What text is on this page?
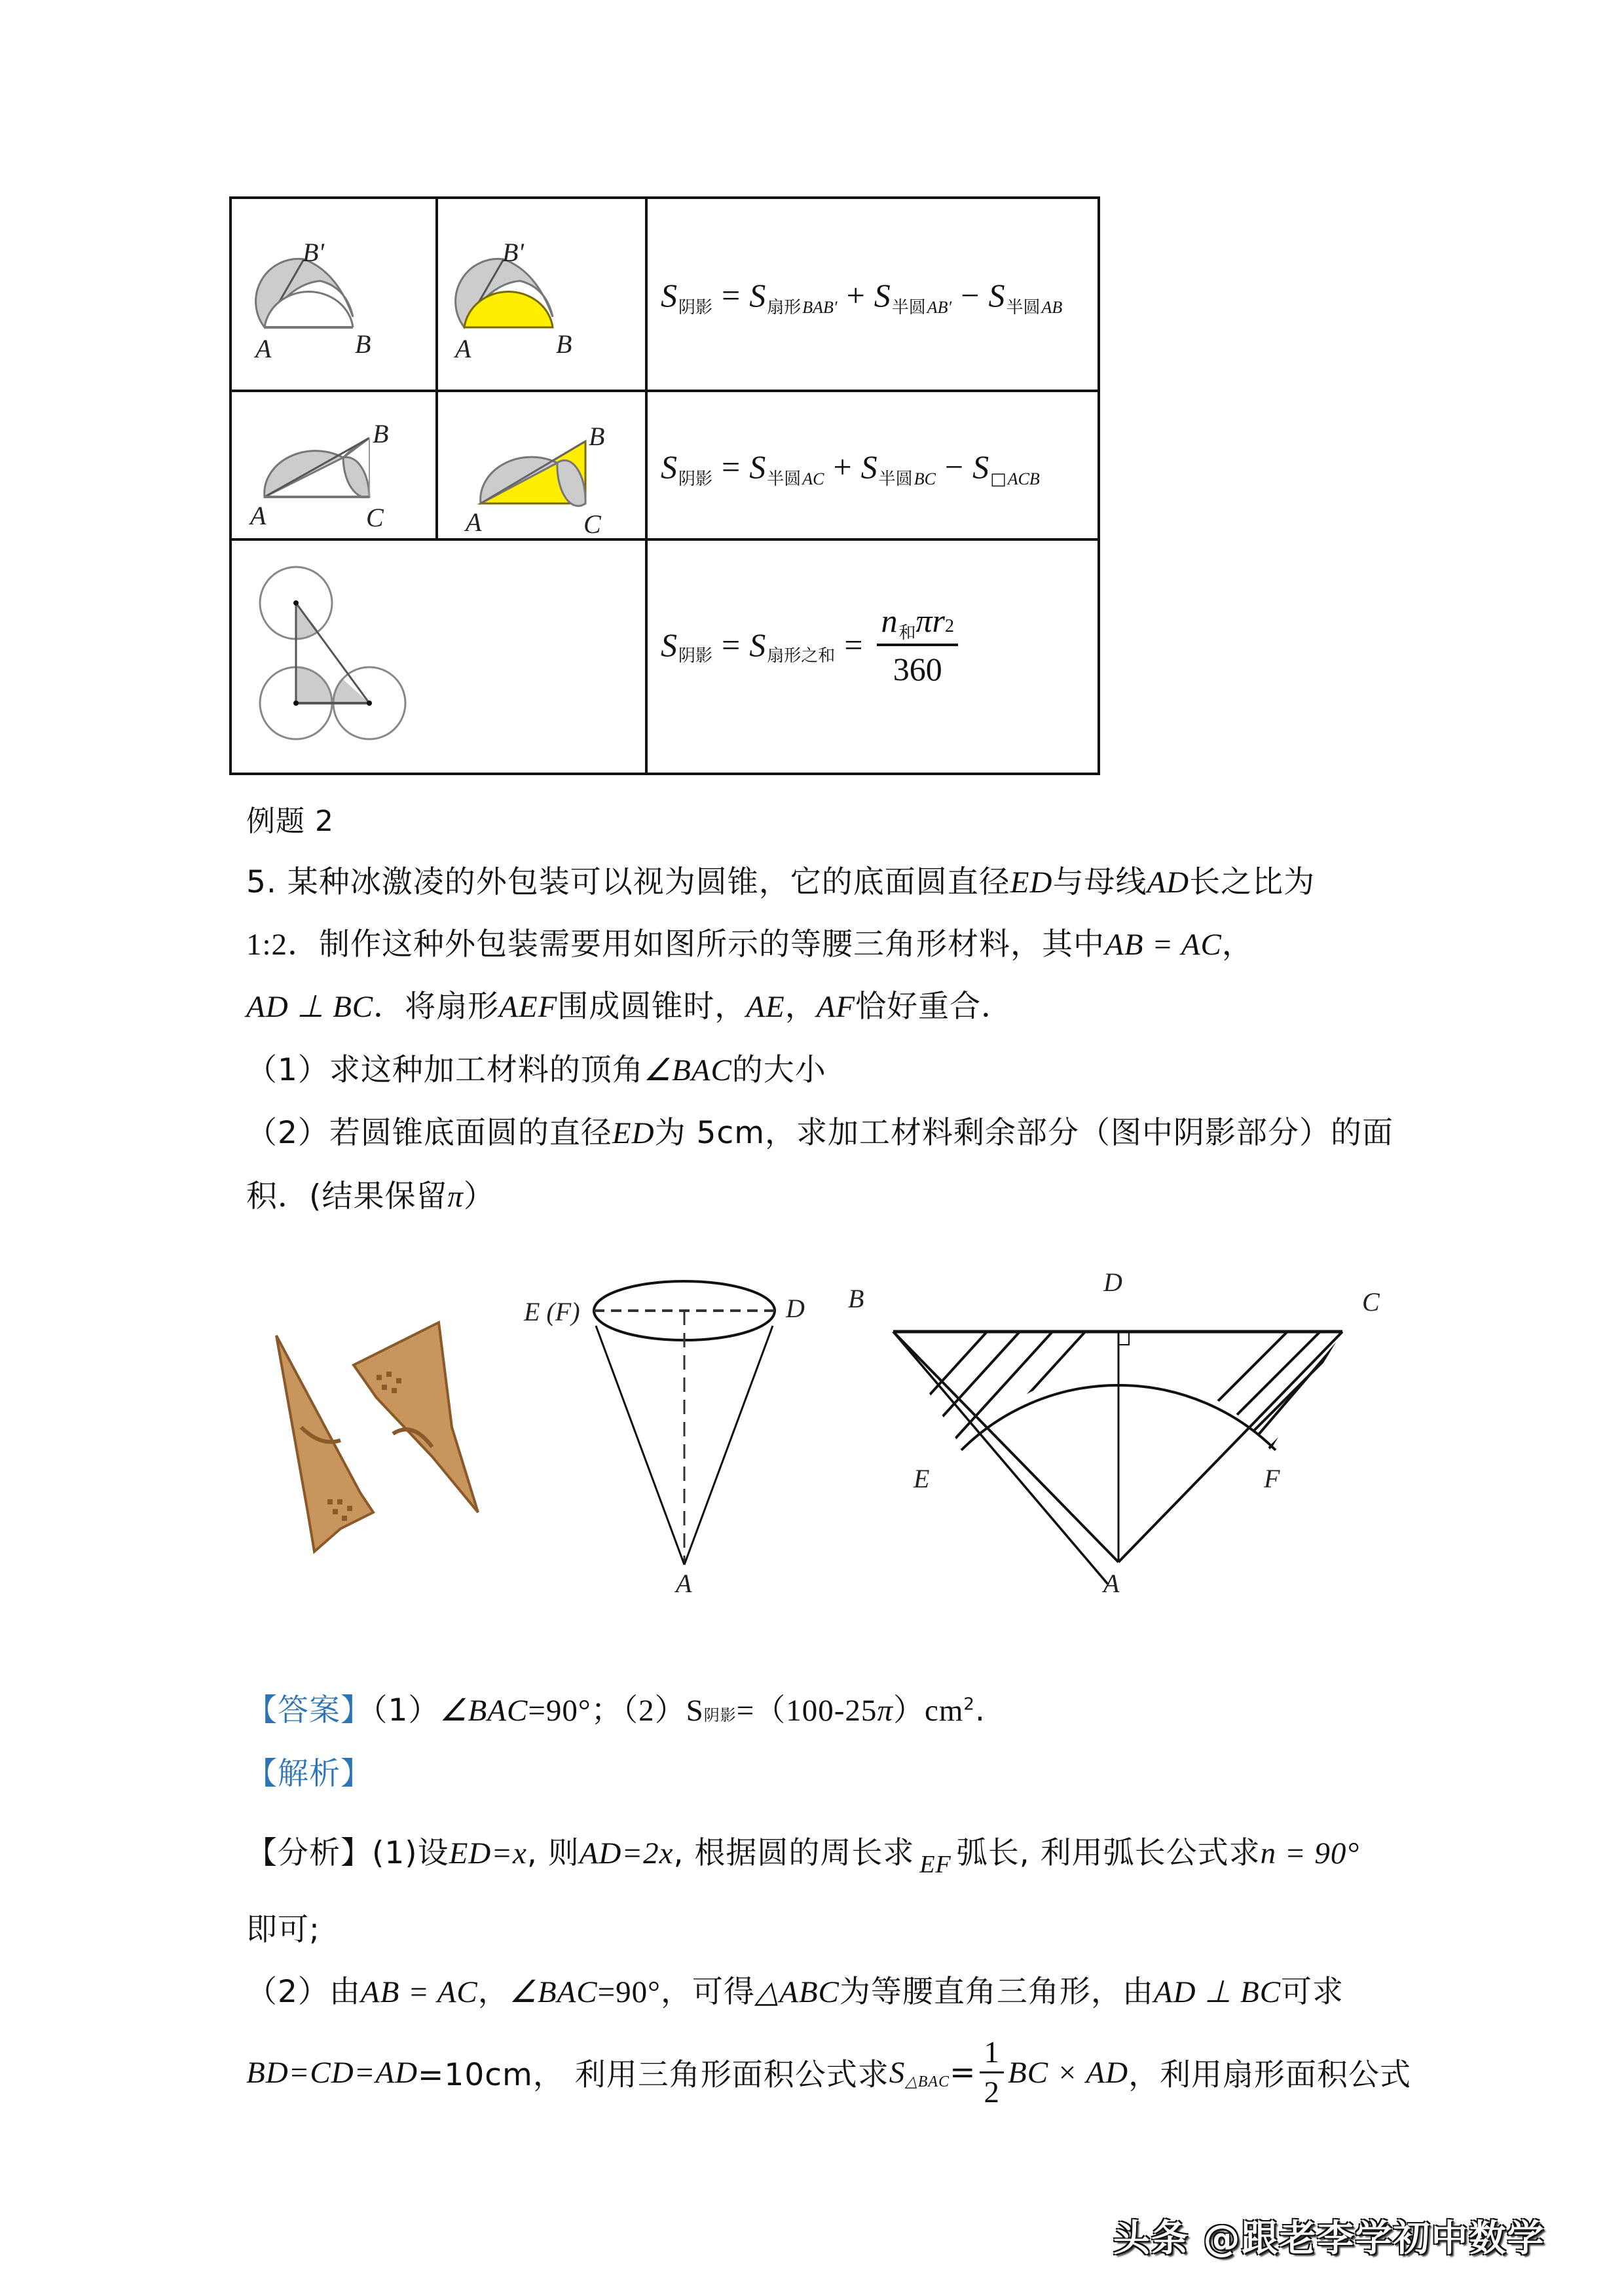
B'
A	B
B'
A	B
S 阴影 = S 扇形 BAB′ + S 半圆 AB′ − S 半圆 AB
B
A	C
B
A	C
S 阴影 = S 半圆 AC + S 半圆 BC − S □ ACB
S 阴影 = S 扇形之和 = $\frac{\text{n 和 π r 2}}{360}$
例题 2
5. 某种冰激凌的外包装可以视为圆锥，它的底面圆直径ED与母线AD长之比为
1:2．制作这种外包装需要用如图所示的等腰三角形材料，其中AB = AC，
AD ⊥ BC．将扇形AEF围成圆锥时，AE，AF恰好重合．
（1）求这种加工材料的顶角∠BAC的大小
（2）若圆锥底面圆的直径ED为 5cm，求加工材料剩余部分（图中阴影部分）的面
积．(结果保留π）
E (F)	D
A
B
D
C
E	F
A
【答案】（1）∠BAC=90°；（2）S阴影$=(100-25\pi)cm^2$.
【解析】
【分析】(1)设ED=x, 则AD=2x, 根据圆的周长求 $_{EF}$ 弧长, 利用弧长公式求n = 90°
即可;
（2）由AB = AC，∠BAC=90°，可得△ABC为等腰直角三角形，由AD ⊥ BC可求
BD=CD=AD =10cm， 利用三角形面积公式求 S △BAC = $\frac{1}{2}$ BC × AD ，利用扇形面积公式
头条 @跟老李学初中数学
